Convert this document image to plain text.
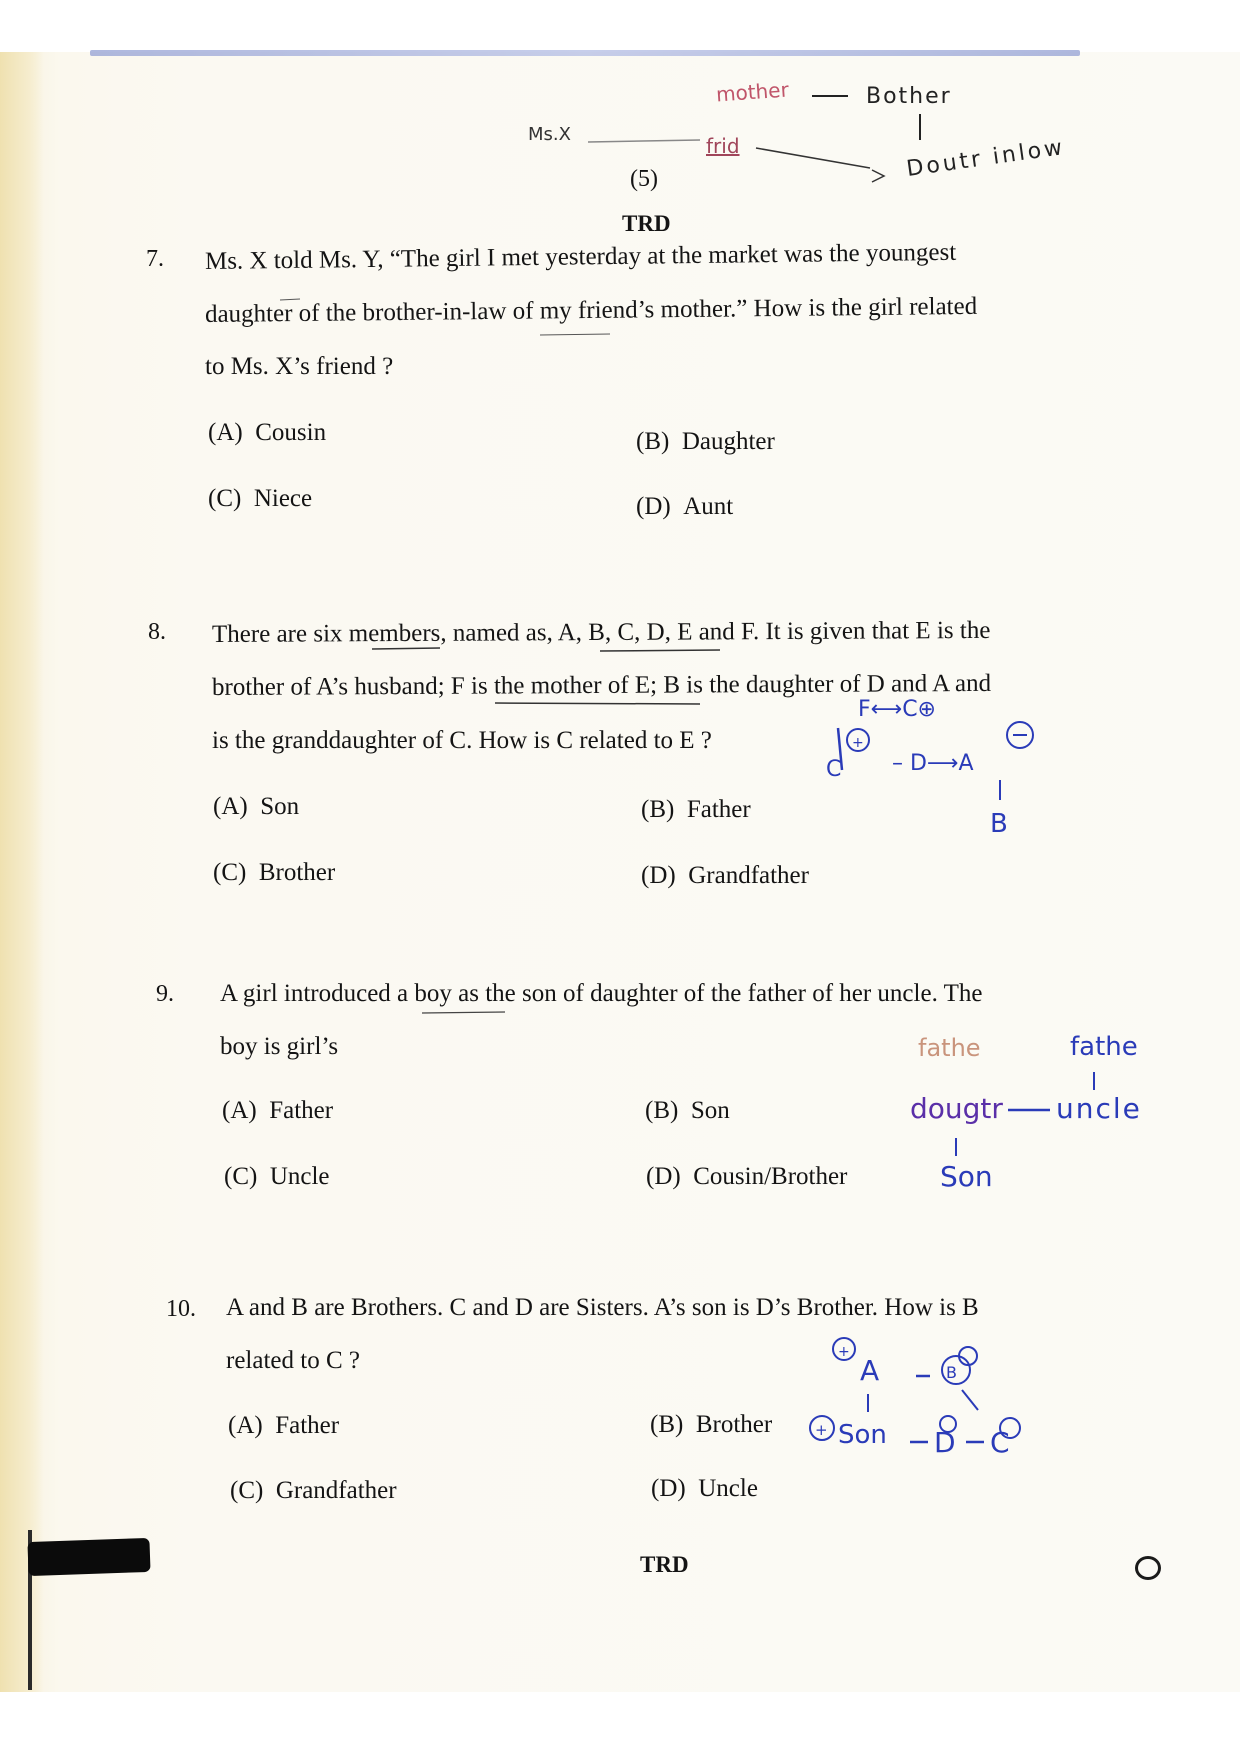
(5)
TRD
7. Ms. X told Ms. Y, “The girl I met yesterday at the market was the youngest
daughter of the brother-in-law of my friend’s mother.” How is the girl related
to Ms. X’s friend ?
(A) Cousin	(B) Daughter
(C) Niece	(D) Aunt
8. There are six members, named as, A, B, C, D, E and F. It is given that E is the
brother of A’s husband; F is the mother of E; B is the daughter of D and A and
is the granddaughter of C. How is C related to E ?
(A) Son	(B) Father
(C) Brother	(D) Grandfather
9. A girl introduced a boy as the son of daughter of the father of her uncle. The
boy is girl’s
(A) Father	(B) Son
(C) Uncle	(D) Cousin/Brother
10. A and B are Brothers. C and D are Sisters. A’s son is D’s Brother. How is B
related to C ?
(A) Father	(B) Brother
(C) Grandfather	(D) Uncle
TRD
mother	Bother
Doutr inlow
Ms.X	frid
fathe	fathe
dougtr uncle
Son
A
Son
+
C
F⟷C⊕
– D⟶A
B
+
B
+	D C
